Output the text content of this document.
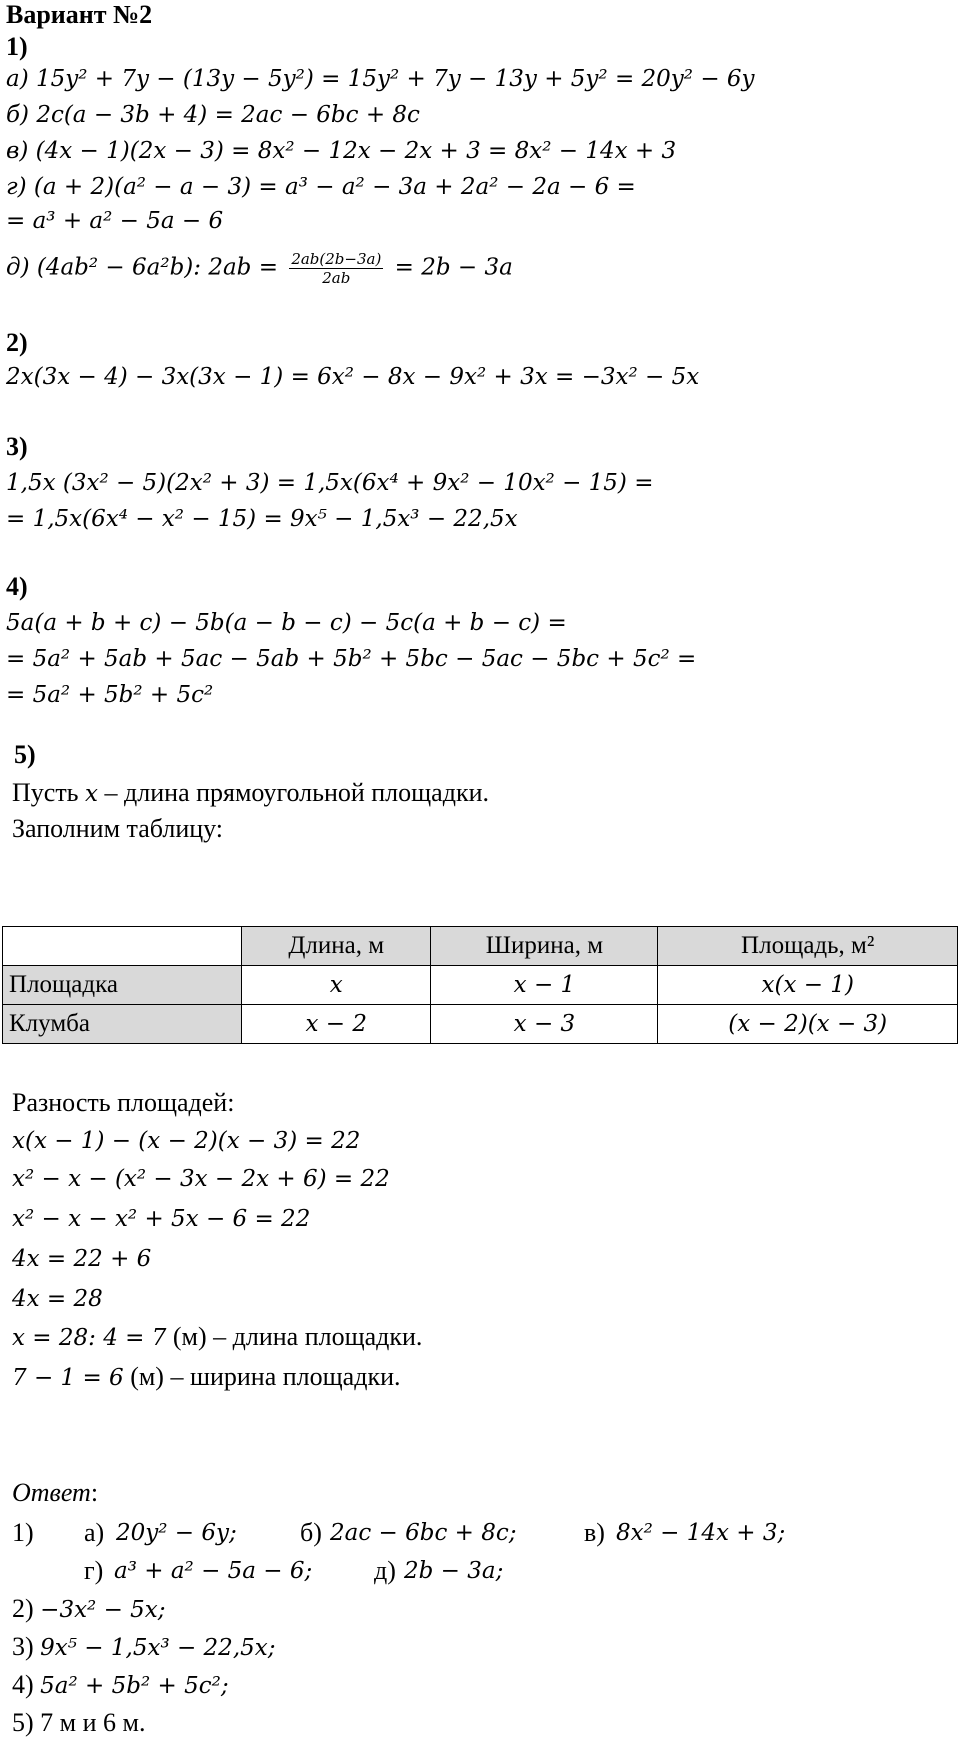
Вариант №2
1)
а) 15y² + 7y − (13y − 5y²) = 15y² + 7y − 13y + 5y² = 20y² − 6y
б) 2c(a − 3b + 4) = 2ac − 6bc + 8c
в) (4x − 1)(2x − 3) = 8x² − 12x − 2x + 3 = 8x² − 14x + 3
г) (a + 2)(a² − a − 3) = a³ − a² − 3a + 2a² − 2a − 6 =
= a³ + a² − 5a − 6
д) (4ab² − 6a²b): $2ab = \frac{2ab(2b-3a)}{2ab} = 2b - 3a$
2)
2x(3x − 4) − 3x(3x − 1) = 6x² − 8x − 9x² + 3x = −3x² − 5x
3)
1,5x (3x² − 5)(2x² + 3) = 1,5x(6x⁴ + 9x² − 10x² − 15) =
= 1,5x(6x⁴ − x² − 15) = 9x⁵ − 1,5x³ − 22,5x
4)
5a(a + b + c) − 5b(a − b − c) − 5c(a + b − c) =
= 5a² + 5ab + 5ac − 5ab + 5b² + 5bc − 5ac − 5bc + 5c² =
= 5a² + 5b² + 5c²
5)
Пусть x – длина прямоугольной площадки.
Заполним таблицу:
	Длина, м	Ширина, м	Площадь, м²
Площадка	x	x − 1	x(x − 1)
Клумба	x − 2	x − 3	(x − 2)(x − 3)
Разность площадей:
x(x − 1) − (x − 2)(x − 3) = 22
x² − x − (x² − 3x − 2x + 6) = 22
x² − x − x² + 5x − 6 = 22
4x = 22 + 6
4x = 28
x = 28: 4 = 7 (м) – длина площадки.
7 − 1 = 6 (м) – ширина площадки.
Ответ:
1) а) 20y² − 6y; б) 2ac − 6bc + 8c;	в) 8x² − 14x + 3;
г) a³ + a² − 5a − 6; д) 2b − 3a;
2) −3x² − 5x;
3) 9x⁵ − 1,5x³ − 22,5x;
4) 5a² + 5b² + 5c²;
5) 7 м и 6 м.
